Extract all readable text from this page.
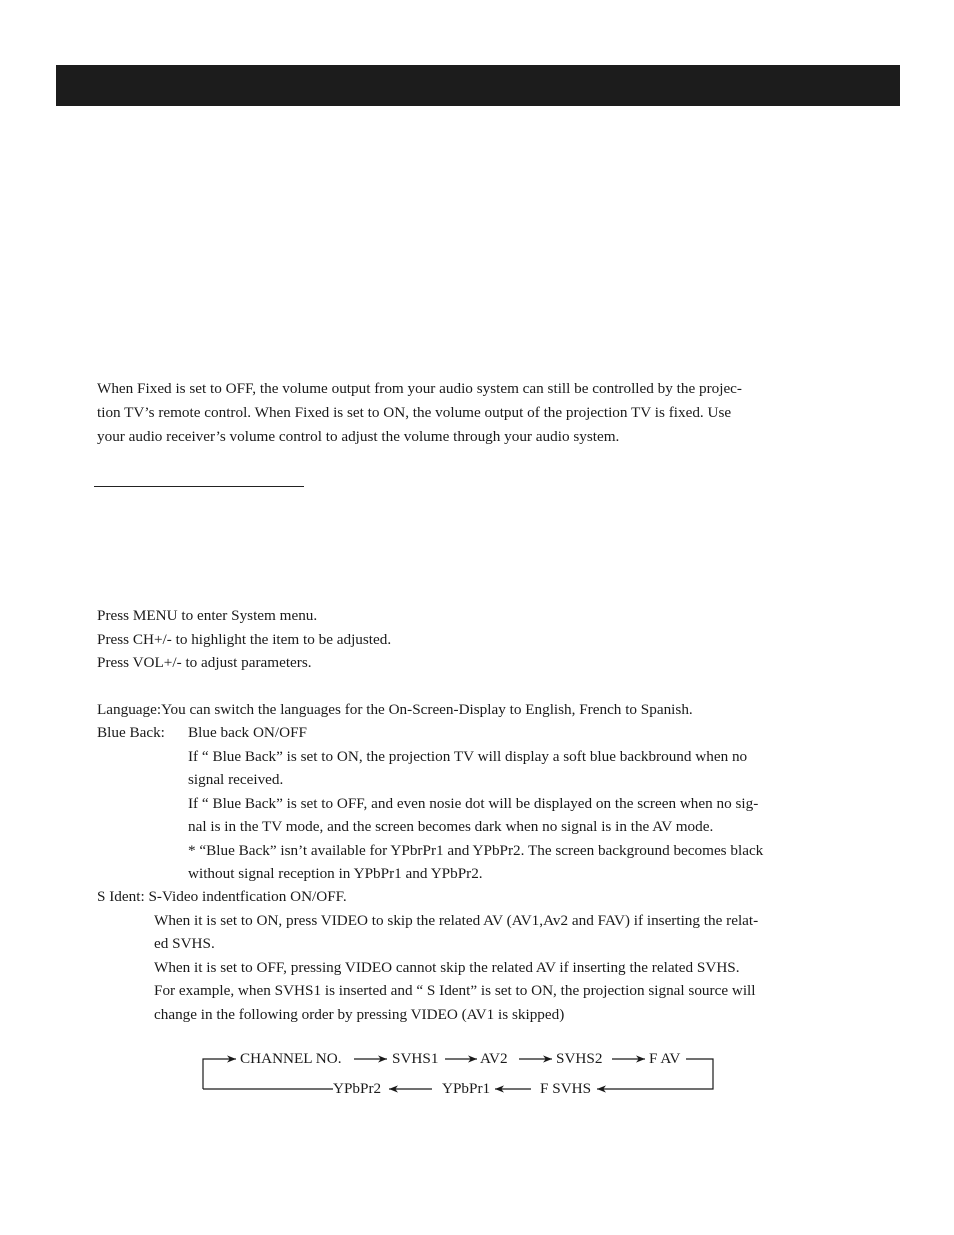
When Fixed is set to OFF, the volume output from your audio system can still be controlled by the projec-
tion TV’s remote control. When Fixed is set to ON, the volume output of the projection TV is fixed. Use
your audio receiver’s volume control to adjust the volume through your audio system.
Press MENU to enter System menu.
Press CH+/- to highlight the item to be adjusted.
Press VOL+/- to adjust parameters.
Language:You can switch the languages for the On-Screen-Display to English, French to Spanish.
Blue Back: Blue back ON/OFF
If “ Blue Back” is set to ON, the projection TV will display a soft blue backbround when no
signal received.
If “ Blue Back” is set to OFF, and even nosie dot will be displayed on the screen when no sig-
nal is in the TV mode, and the screen becomes dark when no signal is in the AV mode.
* “Blue Back” isn’t available for YPbrPr1 and YPbPr2. The screen background becomes black
without signal reception in YPbPr1 and YPbPr2.
S Ident: S-Video indentfication ON/OFF.
When it is set to ON, press VIDEO to skip the related AV (AV1,Av2 and FAV) if inserting the relat-
ed SVHS.
When it is set to OFF, pressing VIDEO cannot skip the related AV if inserting the related SVHS.
For example, when SVHS1 is inserted and “ S Ident” is set to ON, the projection signal source will
change in the following order by pressing VIDEO (AV1 is skipped)
CHANNEL NO.	SVHS1	AV2	SVHS2	F AV
F SVHS
YPbPr1
YPbPr2
